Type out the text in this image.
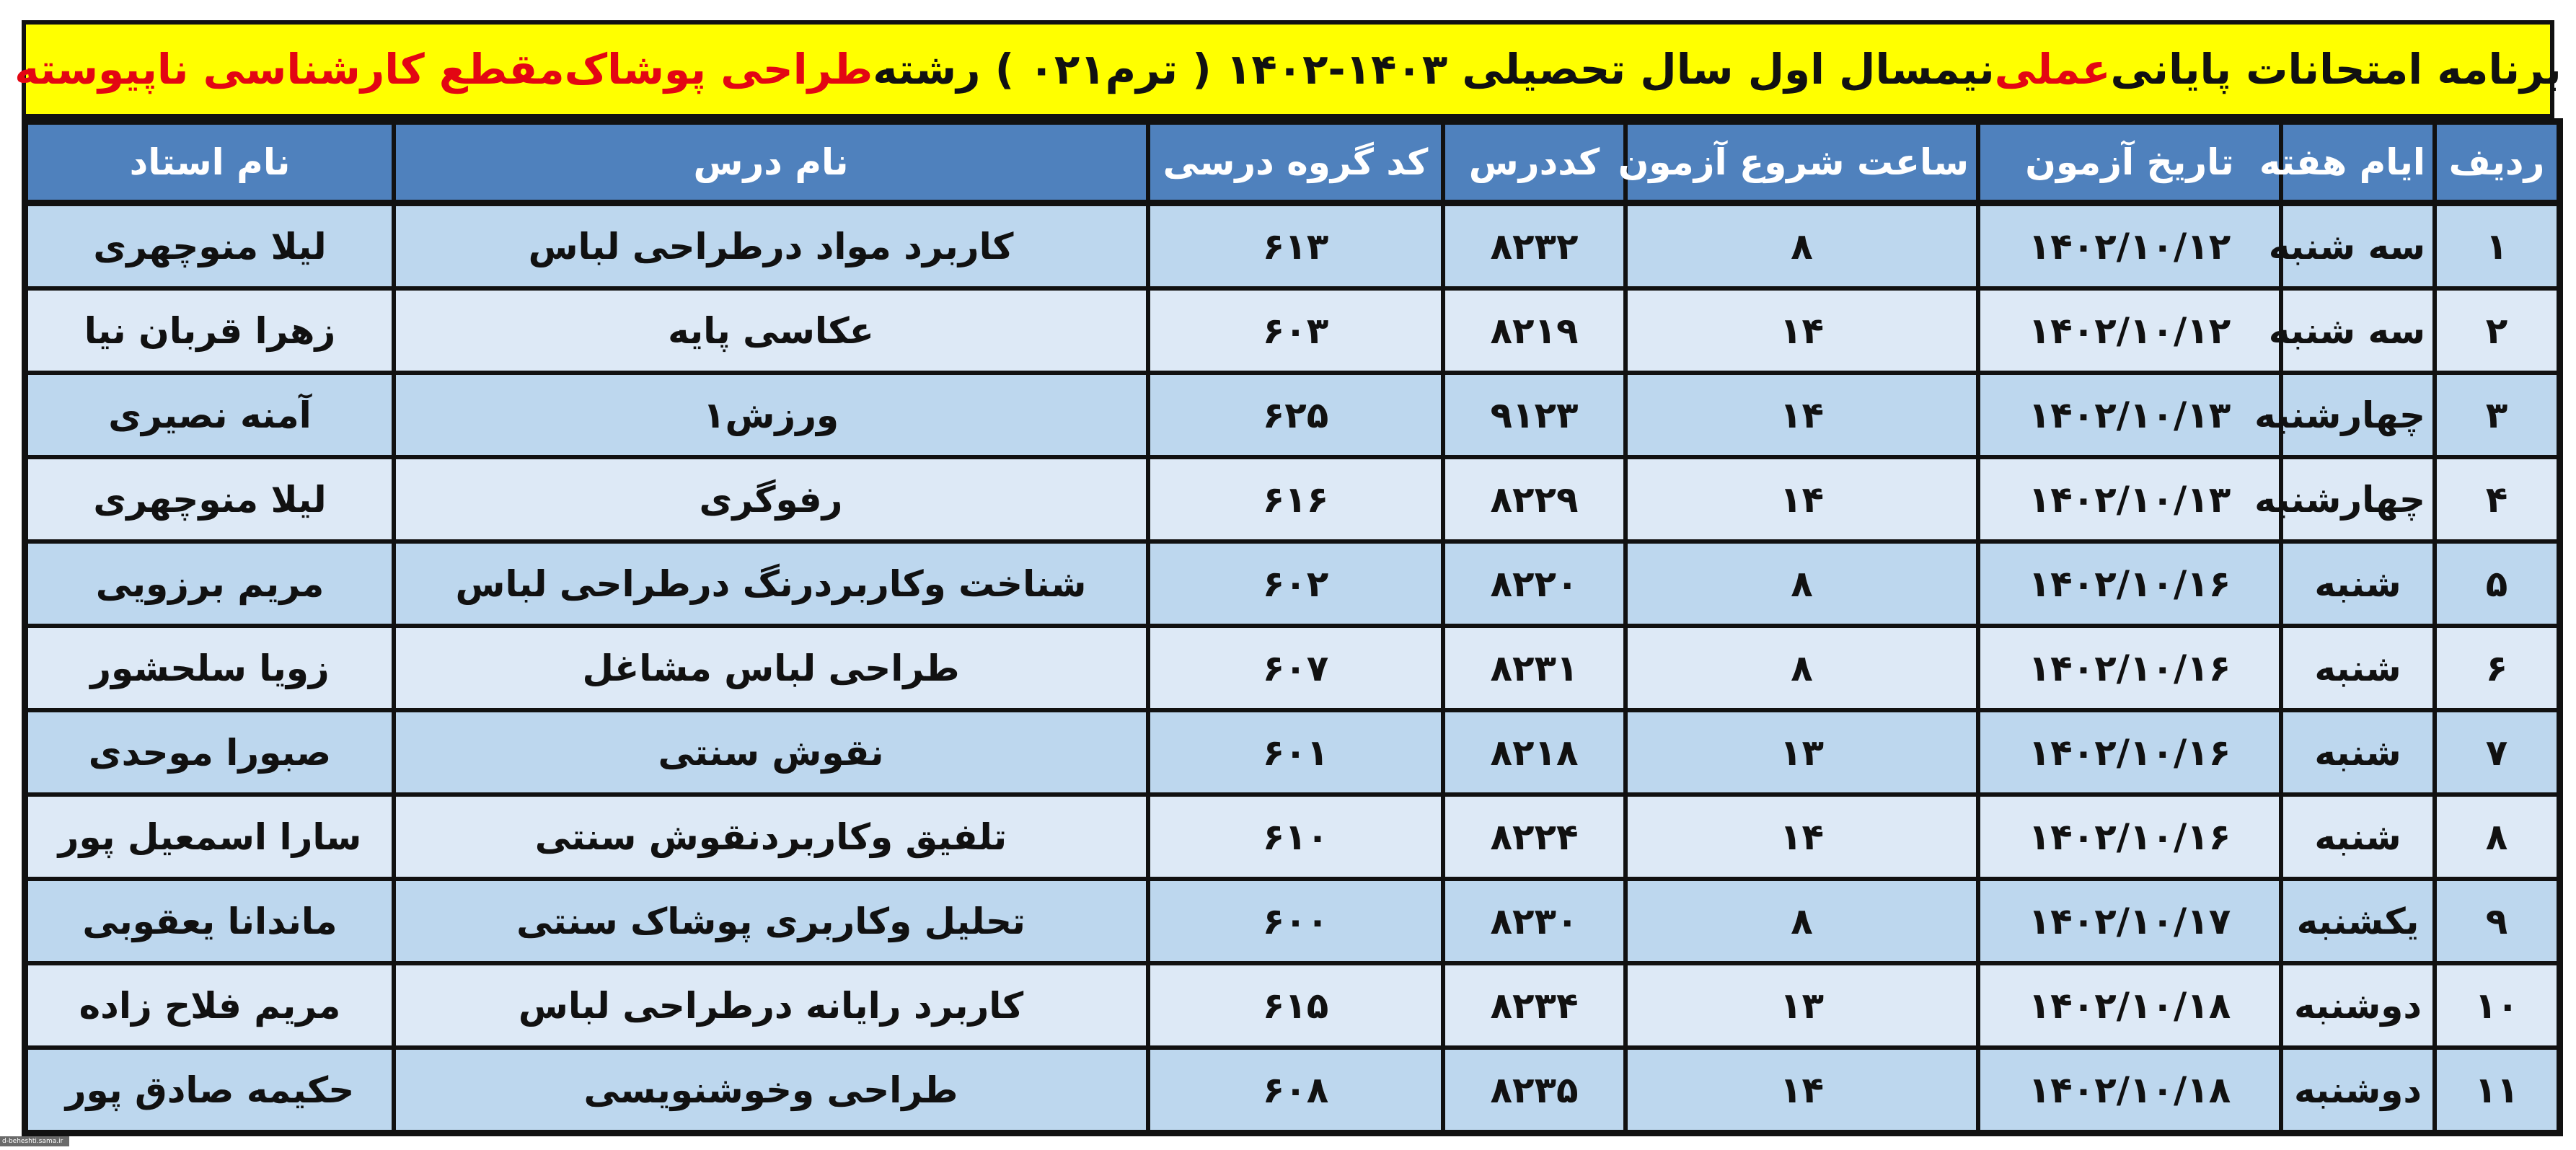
برنامه امتحانات پایانی
عملی
نیمسال اول سال تحصیلی ۱۴۰۳-۱۴۰۲ ( ترم۰۲۱ ) رشته
طراحی پوشاک
مقطع کارشناسی ناپیوسته
ردیف	ایام هفته	تاریخ آزمون	ساعت شروع آزمون	کددرس	کد گروه درسی	نام درس	نام استاد
۱	سه شنبه	۱۴۰۲/۱۰/۱۲	۸	۸۲۳۲	۶۱۳	کاربرد مواد درطراحی لباس	لیلا منوچهری
۲	سه شنبه	۱۴۰۲/۱۰/۱۲	۱۴	۸۲۱۹	۶۰۳	عکاسی پایه	زهرا قربان نیا
۳	چهارشنبه	۱۴۰۲/۱۰/۱۳	۱۴	۹۱۲۳	۶۲۵	ورزش۱	آمنه نصیری
۴	چهارشنبه	۱۴۰۲/۱۰/۱۳	۱۴	۸۲۲۹	۶۱۶	رفوگری	لیلا منوچهری
۵	شنبه	۱۴۰۲/۱۰/۱۶	۸	۸۲۲۰	۶۰۲	شناخت وکاربردرنگ درطراحی لباس	مریم برزویی
۶	شنبه	۱۴۰۲/۱۰/۱۶	۸	۸۲۳۱	۶۰۷	طراحی لباس مشاغل	زویا سلحشور
۷	شنبه	۱۴۰۲/۱۰/۱۶	۱۳	۸۲۱۸	۶۰۱	نقوش سنتی	صبورا موحدی
۸	شنبه	۱۴۰۲/۱۰/۱۶	۱۴	۸۲۲۴	۶۱۰	تلفیق وکاربردنقوش سنتی	سارا اسمعیل پور
۹	یکشنبه	۱۴۰۲/۱۰/۱۷	۸	۸۲۳۰	۶۰۰	تحلیل وکاربری پوشاک سنتی	ماندانا یعقوبی
۱۰	دوشنبه	۱۴۰۲/۱۰/۱۸	۱۳	۸۲۳۴	۶۱۵	کاربرد رایانه درطراحی لباس	مریم فلاح زاده
۱۱	دوشنبه	۱۴۰۲/۱۰/۱۸	۱۴	۸۲۳۵	۶۰۸	طراحی وخوشنویسی	حکیمه صادق پور
d-beheshti.sama.ir
